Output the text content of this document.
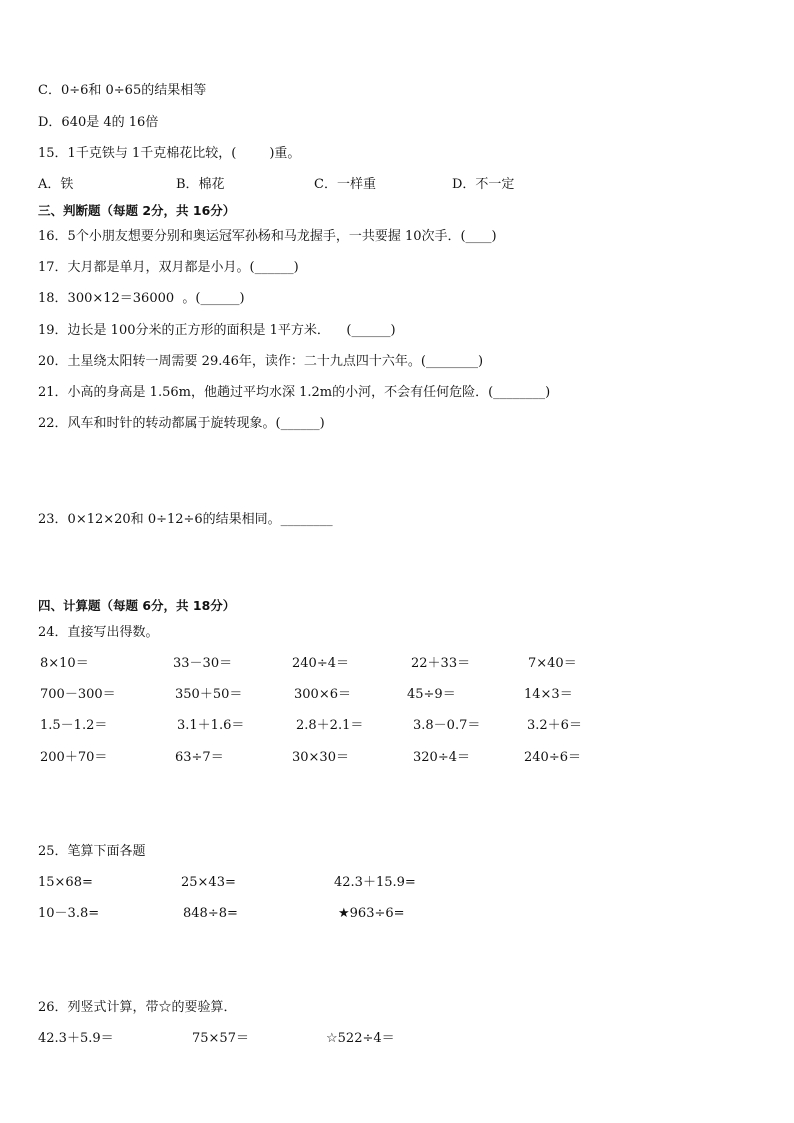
C．0÷6和 0÷65的结果相等
D．640是 4的 16倍
15．1千克铁与 1千克棉花比较，(        )重。
A．铁	B．棉花	C．一样重	D．不一定
三、判断题（每题 2分，共 16分）
16．5个小朋友想要分别和奥运冠军孙杨和马龙握手，一共要握 10次手．(____)
17．大月都是单月，双月都是小月。(______)
18．300×12＝36000  。(______)
19．边长是 100分米的正方形的面积是 1平方米．    (______)
20．土星绕太阳转一周需要 29.46年，读作：二十九点四十六年。(________)
21．小高的身高是 1.56m，他趟过平均水深 1.2m的小河，不会有任何危险．(________)
22．风车和时针的转动都属于旋转现象。(______)
23．0×12×20和 0÷12÷6的结果相同。________
四、计算题（每题 6分，共 18分）
24．直接写出得数。
8×10＝	33－30＝	240÷4＝	22＋33＝	7×40＝
700－300＝	350＋50＝	300×6＝	45÷9＝	14×3＝
1.5－1.2＝	3.1＋1.6＝	2.8＋2.1＝	3.8－0.7＝	3.2＋6＝
200＋70＝	63÷7＝	30×30＝	320÷4＝	240÷6＝
25．笔算下面各题
15×68=	25×43=	42.3＋15.9=
10－3.8=	848÷8=	★963÷6=
26．列竖式计算，带☆的要验算．
42.3＋5.9＝	75×57＝	☆522÷4＝
